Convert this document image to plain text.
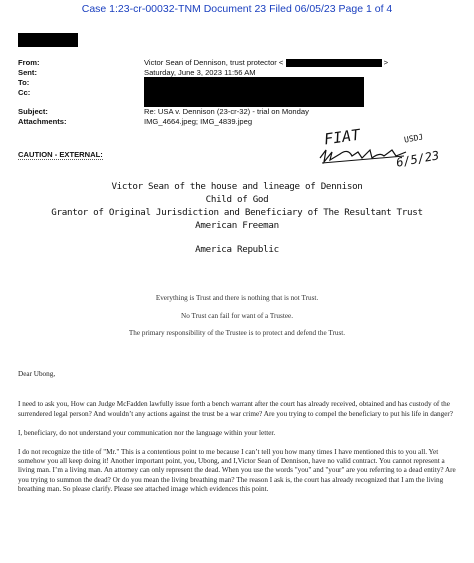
Case 1:23-cr-00032-TNM Document 23 Filed 06/05/23 Page 1 of 4
From:	Victor Sean of Dennison, trust protector <	>
Sent:	Saturday, June 3, 2023 11:56 AM
To:
Cc:
Subject:	Re: USA v. Dennison (23-cr-32) - trial on Monday
Attachments:	IMG_4664.jpeg; IMG_4839.jpeg
CAUTION - EXTERNAL:
FIAT	USDJ
6/5/23
Victor Sean of the house and lineage of Dennison
Child of God
Grantor of Original Jurisdiction and Beneficiary of The Resultant Trust
American Freeman
America Republic
Everything is Trust and there is nothing that is not Trust.
No Trust can fail for want of a Trustee.
The primary responsibility of the Trustee is to protect and defend the Trust.

Dear Ubong,

I need to ask you, How can Judge McFadden lawfully issue forth a bench warrant after the court has already received, obtained and has custody of the surrendered legal person? And wouldn’t any actions against the trust be a war crime? Are you trying to compel the beneficiary to put his life in danger?

I, beneficiary, do not understand your communication nor the language within your letter.

I do not recognize the title of "Mr." This is a contentious point to me because I can’t tell you how many times I have mentioned this to you all. Yet somehow you all keep doing it! Another important point, you, Ubong, and I,Victor Sean of Dennison, have no valid contract. You cannot represent a living man. I’m a living man. An attorney can only represent the dead. When you use the words "you" and "your" are you referring to a dead entity? Are you trying to summon the dead? Or do you mean the living breathing man? The reason I ask is, the court has already recognized that I am the living breathing man. So please clarify. Please see attached image which evidences this point.
